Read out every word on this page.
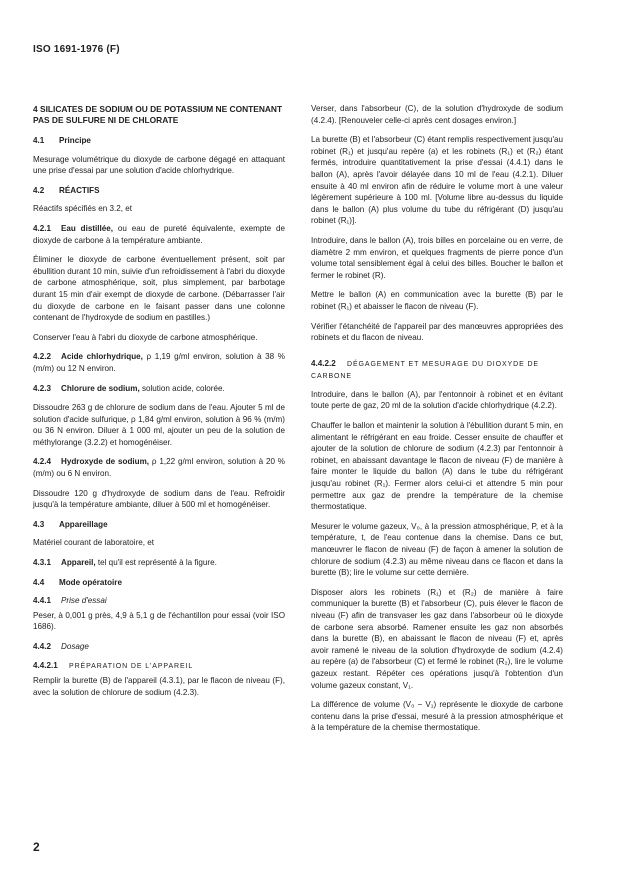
ISO 1691-1976 (F)
4 SILICATES DE SODIUM OU DE POTASSIUM NE CONTENANT PAS DE SULFURE NI DE CHLORATE
4.1 Principe

Mesurage volumétrique du dioxyde de carbone dégagé en attaquant une prise d'essai par une solution d'acide chlorhydrique.

4.2 RÉACTIFS

Réactifs spécifiés en 3.2, et

4.2.1 Eau distillée, ou eau de pureté équivalente, exempte de dioxyde de carbone à la température ambiante.

Éliminer le dioxyde de carbone éventuellement présent, soit par ébullition durant 10 min, suivie d'un refroidissement à l'abri du dioxyde de carbone atmosphérique, soit, plus simplement, par barbotage durant 15 min d'air exempt de dioxyde de carbone. (Débarrasser l'air du dioxyde de carbone en le faisant passer dans une colonne contenant de l'hydroxyde de sodium en pastilles.)

Conserver l'eau à l'abri du dioxyde de carbone atmosphérique.

4.2.2 Acide chlorhydrique, ρ 1,19 g/ml environ, solution à 38 % (m/m) ou 12 N environ.

4.2.3 Chlorure de sodium, solution acide, colorée.

Dissoudre 263 g de chlorure de sodium dans de l'eau. Ajouter 5 ml de solution d'acide sulfurique, ρ 1,84 g/ml environ, solution à 96 % (m/m) ou 36 N environ. Diluer à 1 000 ml, ajouter un peu de la solution de méthylorange (3.2.2) et homogénéiser.

4.2.4 Hydroxyde de sodium, ρ 1,22 g/ml environ, solution à 20 % (m/m) ou 6 N environ.

Dissoudre 120 g d'hydroxyde de sodium dans de l'eau. Refroidir jusqu'à la température ambiante, diluer à 500 ml et homogénéiser.

4.3 Appareillage

Matériel courant de laboratoire, et

4.3.1 Appareil, tel qu'il est représenté à la figure.

4.4 Mode opératoire
4.4.1 Prise d'essai

Peser, à 0,001 g près, 4,9 à 5,1 g de l'échantillon pour essai (voir ISO 1686).

4.4.2 Dosage
4.4.2.1 PRÉPARATION DE L'APPAREIL

Remplir la burette (B) de l'appareil (4.3.1), par le flacon de niveau (F), avec la solution de chlorure de sodium (4.2.3).

Verser, dans l'absorbeur (C), de la solution d'hydroxyde de sodium (4.2.4). [Renouveler celle-ci après cent dosages environ.]

La burette (B) et l'absorbeur (C) étant remplis respectivement jusqu'au robinet (R₁) et jusqu'au repère (a) et les robinets (R₁) et (R₂) étant fermés, introduire quantitativement la prise d'essai (4.4.1) dans le ballon (A), après l'avoir délayée dans 10 ml de l'eau (4.2.1). Diluer ensuite à 40 ml environ afin de réduire le volume mort à une valeur légèrement supérieure à 100 ml. [Volume libre au-dessus du liquide dans le ballon (A) plus volume du tube du réfrigérant (D) jusqu'au robinet (R₁)].

Introduire, dans le ballon (A), trois billes en porcelaine ou en verre, de diamètre 2 mm environ, et quelques fragments de pierre ponce d'un volume total sensiblement égal à celui des billes. Boucher le ballon et fermer le robinet (R).

Mettre le ballon (A) en communication avec la burette (B) par le robinet (R₁) et abaisser le flacon de niveau (F).

Vérifier l'étanchéité de l'appareil par des manœuvres appropriées des robinets et du flacon de niveau.

4.4.2.2 DÉGAGEMENT ET MESURAGE DU DIOXYDE DE CARBONE

Introduire, dans le ballon (A), par l'entonnoir à robinet et en évitant toute perte de gaz, 20 ml de la solution d'acide chlorhydrique (4.2.2).

Chauffer le ballon et maintenir la solution à l'ébullition durant 5 min, en alimentant le réfrigérant en eau froide. Cesser ensuite de chauffer et ajouter de la solution de chlorure de sodium (4.2.3) par l'entonnoir à robinet, en abaissant davantage le flacon de niveau (F) de manière à faire monter le liquide du ballon (A) dans le tube du réfrigérant jusqu'au robinet (R₁). Fermer alors celui-ci et attendre 5 min pour permettre aux gaz de prendre la température de la chemise thermostatique.

Mesurer le volume gazeux, V₀, à la pression atmosphérique, P, et à la température, t, de l'eau contenue dans la chemise. Dans ce but, manœuvrer le flacon de niveau (F) de façon à amener la solution de chlorure de sodium (4.2.3) au même niveau dans ce flacon et dans la burette (B); lire le volume sur cette dernière.

Disposer alors les robinets (R₁) et (R₂) de manière à faire communiquer la burette (B) et l'absorbeur (C), puis élever le flacon de niveau (F) afin de transvaser les gaz dans l'absorbeur où le dioxyde de carbone sera absorbé. Ramener ensuite les gaz non absorbés dans la burette (B), en abaissant le flacon de niveau (F) et, après avoir ramené le niveau de la solution d'hydroxyde de sodium (4.2.4) au repère (a) de l'absorbeur (C) et fermé le robinet (R₂), lire le volume gazeux restant. Répéter ces opérations jusqu'à l'obtention d'un volume gazeux constant, V₁.

La différence de volume (V₀ − V₁) représente le dioxyde de carbone contenu dans la prise d'essai, mesuré à la pression atmosphérique et à la température de la chemise thermostatique.

2
